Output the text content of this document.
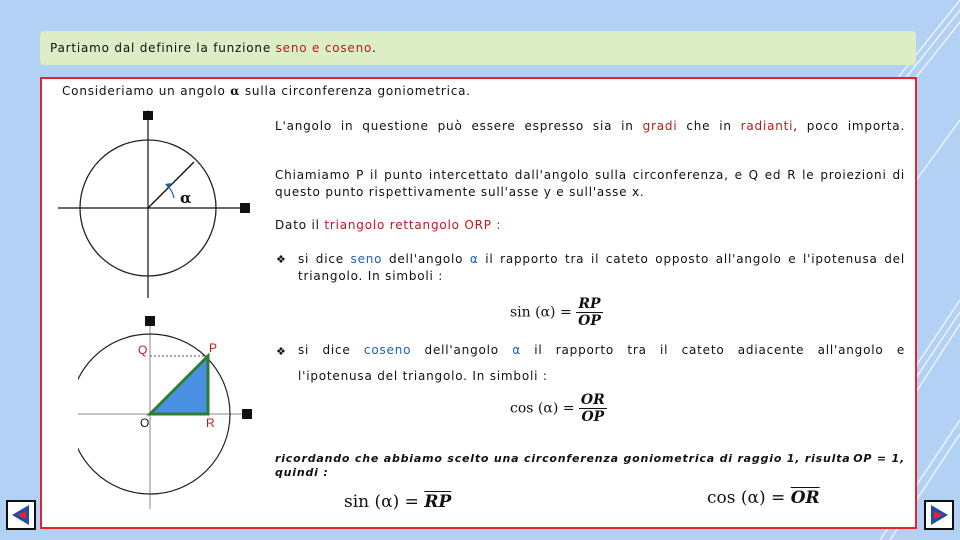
Partiamo dal definire la funzione seno e coseno.
Consideriamo un angolo α sulla circonferenza goniometrica.
α
Q	P
O	R
L'angolo in questione può essere espresso sia in gradi che in radianti, poco importa.
Chiamiamo P il punto intercettato dall'angolo sulla circonferenza, e Q ed R le proiezioni di questo punto rispettivamente sull'asse y e sull'asse x.
Dato il triangolo rettangolo ORP :
❖ si dice seno dell'angolo α il rapporto tra il cateto opposto all'angolo e l'ipotenusa del triangolo. In simboli :
$\sin (\alpha) = \frac{RP}{OP}$
❖ si dice coseno dell'angolo α il rapporto tra il cateto adiacente all'angolo e
l'ipotenusa del triangolo. In simboli :
$\cos (\alpha) = \frac{OR}{OP}$
ricordando che abbiamo scelto una circonferenza goniometrica di raggio 1, risulta OP = 1,
quindi :
$\sin (\alpha) = \overline{RP}$	$\cos (\alpha) = \overline{OR}$
